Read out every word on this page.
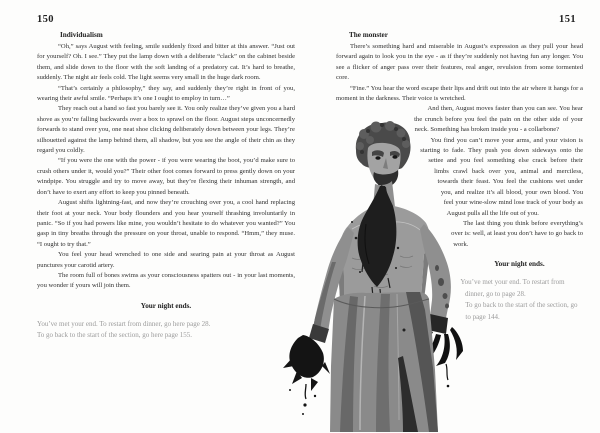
150
Individualism

“Oh,” says August with feeling, smile suddenly fixed and bitter at this answer. “Just out for yourself? Oh. I see.” They put the lamp down with a deliberate “clack” on the cabinet beside them, and slide down to the floor with the soft landing of a predatory cat. It’s hard to breathe, suddenly. The night air feels cold. The light seems very small in the huge dark room.

“That’s certainly a philosophy,” they say, and suddenly they’re right in front of you, wearing their awful smile. “Perhaps it’s one I ought to employ in turn…”

They reach out a hand so fast you barely see it. You only realize they’ve given you a hard shove as you’re falling backwards over a box to sprawl on the floor. August steps unconcernedly forwards to stand over you, one neat shoe clicking deliberately down between your legs. They’re silhouetted against the lamp behind them, all shadow, but you see the angle of their chin as they regard you coldly.

“If you were the one with the power - if you were wearing the boot, you’d make sure to crush others under it, would you?” Their other foot comes forward to press gently down on your windpipe. You struggle and try to move away, but they’re flexing their inhuman strength, and don’t have to exert any effort to keep you pinned beneath.

August shifts lightning-fast, and now they’re crouching over you, a cool hand replacing their foot at your neck. Your body flounders and you hear yourself thrashing involuntarily in panic. “So if you had powers like mine, you wouldn’t hesitate to do whatever you wanted?” You gasp in tiny breaths through the pressure on your throat, unable to respond. “Hmm,” they muse. “I ought to try that.”

You feel your head wrenched to one side and searing pain at your throat as August punctures your carotid artery.

The room full of bones swims as your consciousness spatters out - in your last moments, you wonder if yours will join them.

Your night ends.

You’ve met your end. To restart from dinner, go here page 28.

To go back to the start of the section, go here page 155.

151
The monster

There’s something hard and miserable in August’s expression as they pull your head forward again to look you in the eye - as if they’re suddenly not having fun any longer. You see a flicker of anger pass over their features, real anger, revulsion from some tormented core.

“Fine.” You hear the word escape their lips and drift out into the air where it hangs for a moment in the darkness. Their voice is wretched.

And then, August moves faster than you can see. You hear the crunch before you feel the pain on the other side of your neck. Something has broken inside you - a collarbone?

You find you can’t move your arms, and your vision is starting to fade. They push you down sideways onto the settee and you feel something else crack before their limbs crawl back over you, animal and merciless, towards their feast. You feel the cushions wet under you, and realize it’s all blood, your own blood. You feel your wine-slow mind lose track of your body as August pulls all the life out of you.

The last thing you think before everything’s over is: well, at least you don’t have to go back to work.

Your night ends.

You’ve met your end. To restart from dinner, go to page 28.

To go back to the start of the section, go to page 144.
